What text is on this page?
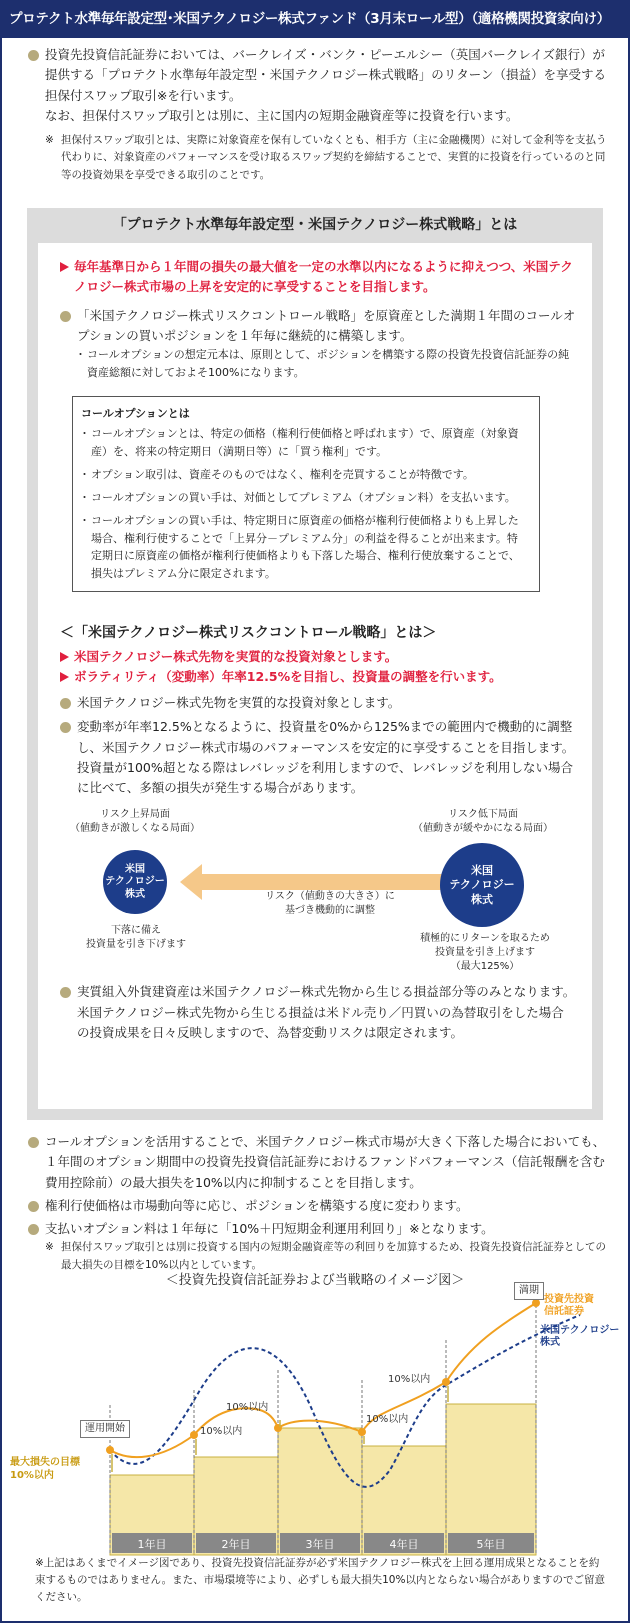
プロテクト水準毎年設定型･米国テクノロジー株式ファンド（3月末ロール型）（適格機関投資家向け）
投資先投資信託証券においては、バークレイズ・バンク・ピーエルシー（英国バークレイズ銀行）が提供する「プロテクト水準毎年設定型・米国テクノロジー株式戦略」のリターン（損益）を享受する担保付スワップ取引※を行います。
なお、担保付スワップ取引とは別に、主に国内の短期金融資産等に投資を行います。
※ 担保付スワップ取引とは、実際に対象資産を保有していなくとも、相手方（主に金融機関）に対して金利等を支払う代わりに、対象資産のパフォーマンスを受け取るスワップ契約を締結することで、実質的に投資を行っているのと同等の投資効果を享受できる取引のことです。
「プロテクト水準毎年設定型・米国テクノロジー株式戦略」とは
毎年基準日から１年間の損失の最大値を一定の水準以内になるように抑えつつ、米国テクノロジー株式市場の上昇を安定的に享受することを目指します。
「米国テクノロジー株式リスクコントロール戦略」を原資産とした満期１年間のコールオプションの買いポジションを１年毎に継続的に構築します。
・ コールオプションの想定元本は、原則として、ポジションを構築する際の投資先投資信託証券の純資産総額に対しておよそ100%になります。
コールオプションとは
・ コールオプションとは、特定の価格（権利行使価格と呼ばれます）で、原資産（対象資産）を、将来の特定期日（満期日等）に「買う権利」です。
・ オプション取引は、資産そのものではなく、権利を売買することが特徴です。
・ コールオプションの買い手は、対価としてプレミアム（オプション料）を支払います。
・ コールオプションの買い手は、特定期日に原資産の価格が権利行使価格よりも上昇した場合、権利行使することで「上昇分－プレミアム分」の利益を得ることが出来ます。特定期日に原資産の価格が権利行使価格よりも下落した場合、権利行使放棄することで、損失はプレミアム分に限定されます。
＜「米国テクノロジー株式リスクコントロール戦略」とは＞
米国テクノロジー株式先物を実質的な投資対象とします。
ボラティリティ（変動率）年率12.5%を目指し、投資量の調整を行います。
米国テクノロジー株式先物を実質的な投資対象とします。
変動率が年率12.5%となるように、投資量を0%から125%までの範囲内で機動的に調整し、米国テクノロジー株式市場のパフォーマンスを安定的に享受することを目指します。投資量が100%超となる際はレバレッジを利用しますので、レバレッジを利用しない場合に比べて、多額の損失が発生する場合があります。
リスク上昇局面
（値動きが激しくなる局面）
米国
テクノロジー
株式
下落に備え
投資量を引き下げます
リスク（値動きの大きさ）に
基づき機動的に調整
リスク低下局面
（値動きが緩やかになる局面）
米国
テクノロジー
株式
積極的にリターンを取るため
投資量を引き上げます
（最大125%）
実質組入外貨建資産は米国テクノロジー株式先物から生じる損益部分等のみとなります。
米国テクノロジー株式先物から生じる損益は米ドル売り／円買いの為替取引をした場合の投資成果を日々反映しますので、為替変動リスクは限定されます。
コールオプションを活用することで、米国テクノロジー株式市場が大きく下落した場合においても、１年間のオプション期間中の投資先投資信託証券におけるファンドパフォーマンス（信託報酬を含む費用控除前）の最大損失を10%以内に抑制することを目指します。
権利行使価格は市場動向等に応じ、ポジションを構築する度に変わります。
支払いオプション料は１年毎に「10%＋円短期金利運用利回り」※となります。
※ 担保付スワップ取引とは別に投資する国内の短期金融資産等の利回りを加算するため、投資先投資信託証券としての最大損失の目標を10%以内としています。
＜投資先投資信託証券および当戦略のイメージ図＞
1年目	2年目	3年目	4年目	5年目
10%以内
10%以内
10%以内
10%以内
運用開始
満期
最大損失の目標
10%以内
投資先投資
信託証券
米国テクノロジー
株式
※上記はあくまでイメージ図であり、投資先投資信託証券が必ず米国テクノロジー株式を上回る運用成果となることを約束するものではありません。また、市場環境等により、必ずしも最大損失10%以内とならない場合がありますのでご留意ください。
